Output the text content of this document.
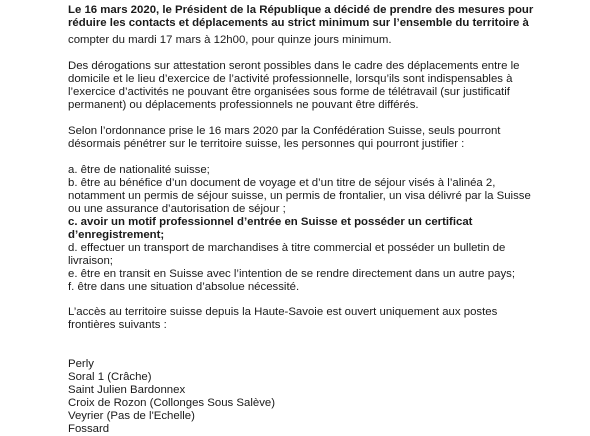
Le 16 mars 2020, le Président de la République a décidé de prendre des mesures pour
réduire les contacts et déplacements au strict minimum sur l’ensemble du territoire à
compter du mardi 17 mars à 12h00, pour quinze jours minimum.
Des dérogations sur attestation seront possibles dans le cadre des déplacements entre le
domicile et le lieu d’exercice de l’activité professionnelle, lorsqu’ils sont indispensables à
l’exercice d’activités ne pouvant être organisées sous forme de télétravail (sur justificatif
permanent) ou déplacements professionnels ne pouvant être différés.
Selon l’ordonnance prise le 16 mars 2020 par la Confédération Suisse, seuls pourront
désormais pénétrer sur le territoire suisse, les personnes qui pourront justifier :
a. être de nationalité suisse;
b. être au bénéfice d’un document de voyage et d’un titre de séjour visés à l’alinéa 2,
notamment un permis de séjour suisse, un permis de frontalier, un visa délivré par la Suisse
ou une assurance d’autorisation de séjour ;
c. avoir un motif professionnel d’entrée en Suisse et posséder un certificat
d’enregistrement;
d. effectuer un transport de marchandises à titre commercial et posséder un bulletin de
livraison;
e. être en transit en Suisse avec l’intention de se rendre directement dans un autre pays;
f. être dans une situation d’absolue nécessité.
L’accès au territoire suisse depuis la Haute-Savoie est ouvert uniquement aux postes
frontières suivants :
Perly
Soral 1 (Crâche)
Saint Julien Bardonnex
Croix de Rozon (Collonges Sous Salève)
Veyrier (Pas de l'Echelle)
Fossard
